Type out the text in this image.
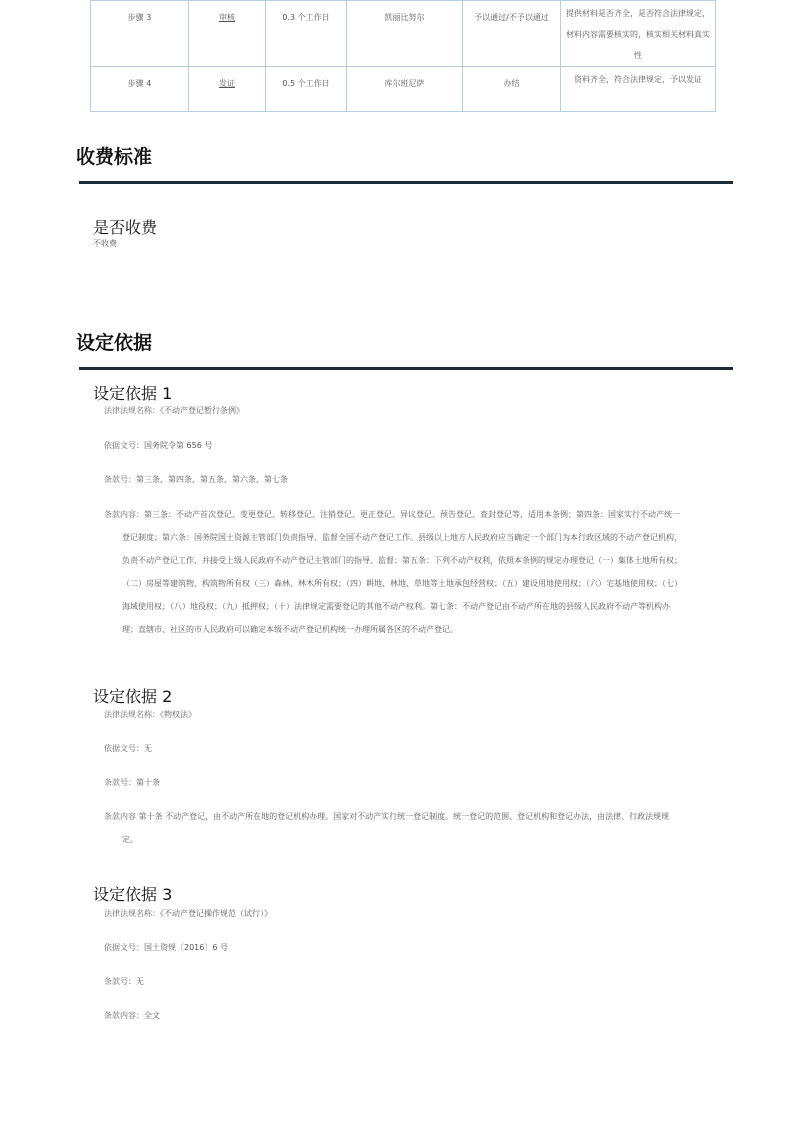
步骤 3	审核	0.3 个工作日	凯丽比努尔	予以通过/不予以通过	提供材料是否齐全，是否符合法律规定，材料内容需要核实的，核实相关材料真实性
步骤 4	发证	0.5 个工作日	库尔班尼萨	办结	资料齐全，符合法律规定，予以发证
收费标准
是否收费
不收费
设定依据
设定依据 1
法律法规名称：《不动产登记暂行条例》
依据文号：国务院令第 656 号
条款号：第三条、第四条、第五条、第六条、第七条
条款内容：第三条：不动产首次登记、变更登记、转移登记、注销登记、更正登记、异议登记、预告登记、查封登记等，适用本条例；第四条：国家实行不动产统一登记制度；第六条：国务院国土资源主管部门负责指导、监督全国不动产登记工作。县级以上地方人民政府应当确定一个部门为本行政区域的不动产登记机构，负责不动产登记工作，并接受上级人民政府不动产登记主管部门的指导、监督；第五条：下列不动产权利，依照本条例的规定办理登记（一）集体土地所有权；（二）房屋等建筑物、构筑物所有权（三）森林、林木所有权；（四）耕地、林地、草地等土地承包经营权；（五）建设用地使用权；（六）宅基地使用权；（七）海域使用权；（八）地役权；（九）抵押权；（十）法律规定需要登记的其他不动产权利。第七条：不动产登记由不动产所在地的县级人民政府不动产等机构办理；直辖市、社区的市人民政府可以确定本级不动产登记机构统一办理所属各区的不动产登记。
设定依据 2
法律法规名称：《物权法》
依据文号：无
条款号：第十条
条款内容 第十条 不动产登记，由不动产所在地的登记机构办理。国家对不动产实行统一登记制度。统一登记的范围、登记机构和登记办法，由法律、行政法规规定。
设定依据 3
法律法规名称：《不动产登记操作规范（试行）》
依据文号：国土资规〔2016〕6 号
条款号：无
条款内容：全文
